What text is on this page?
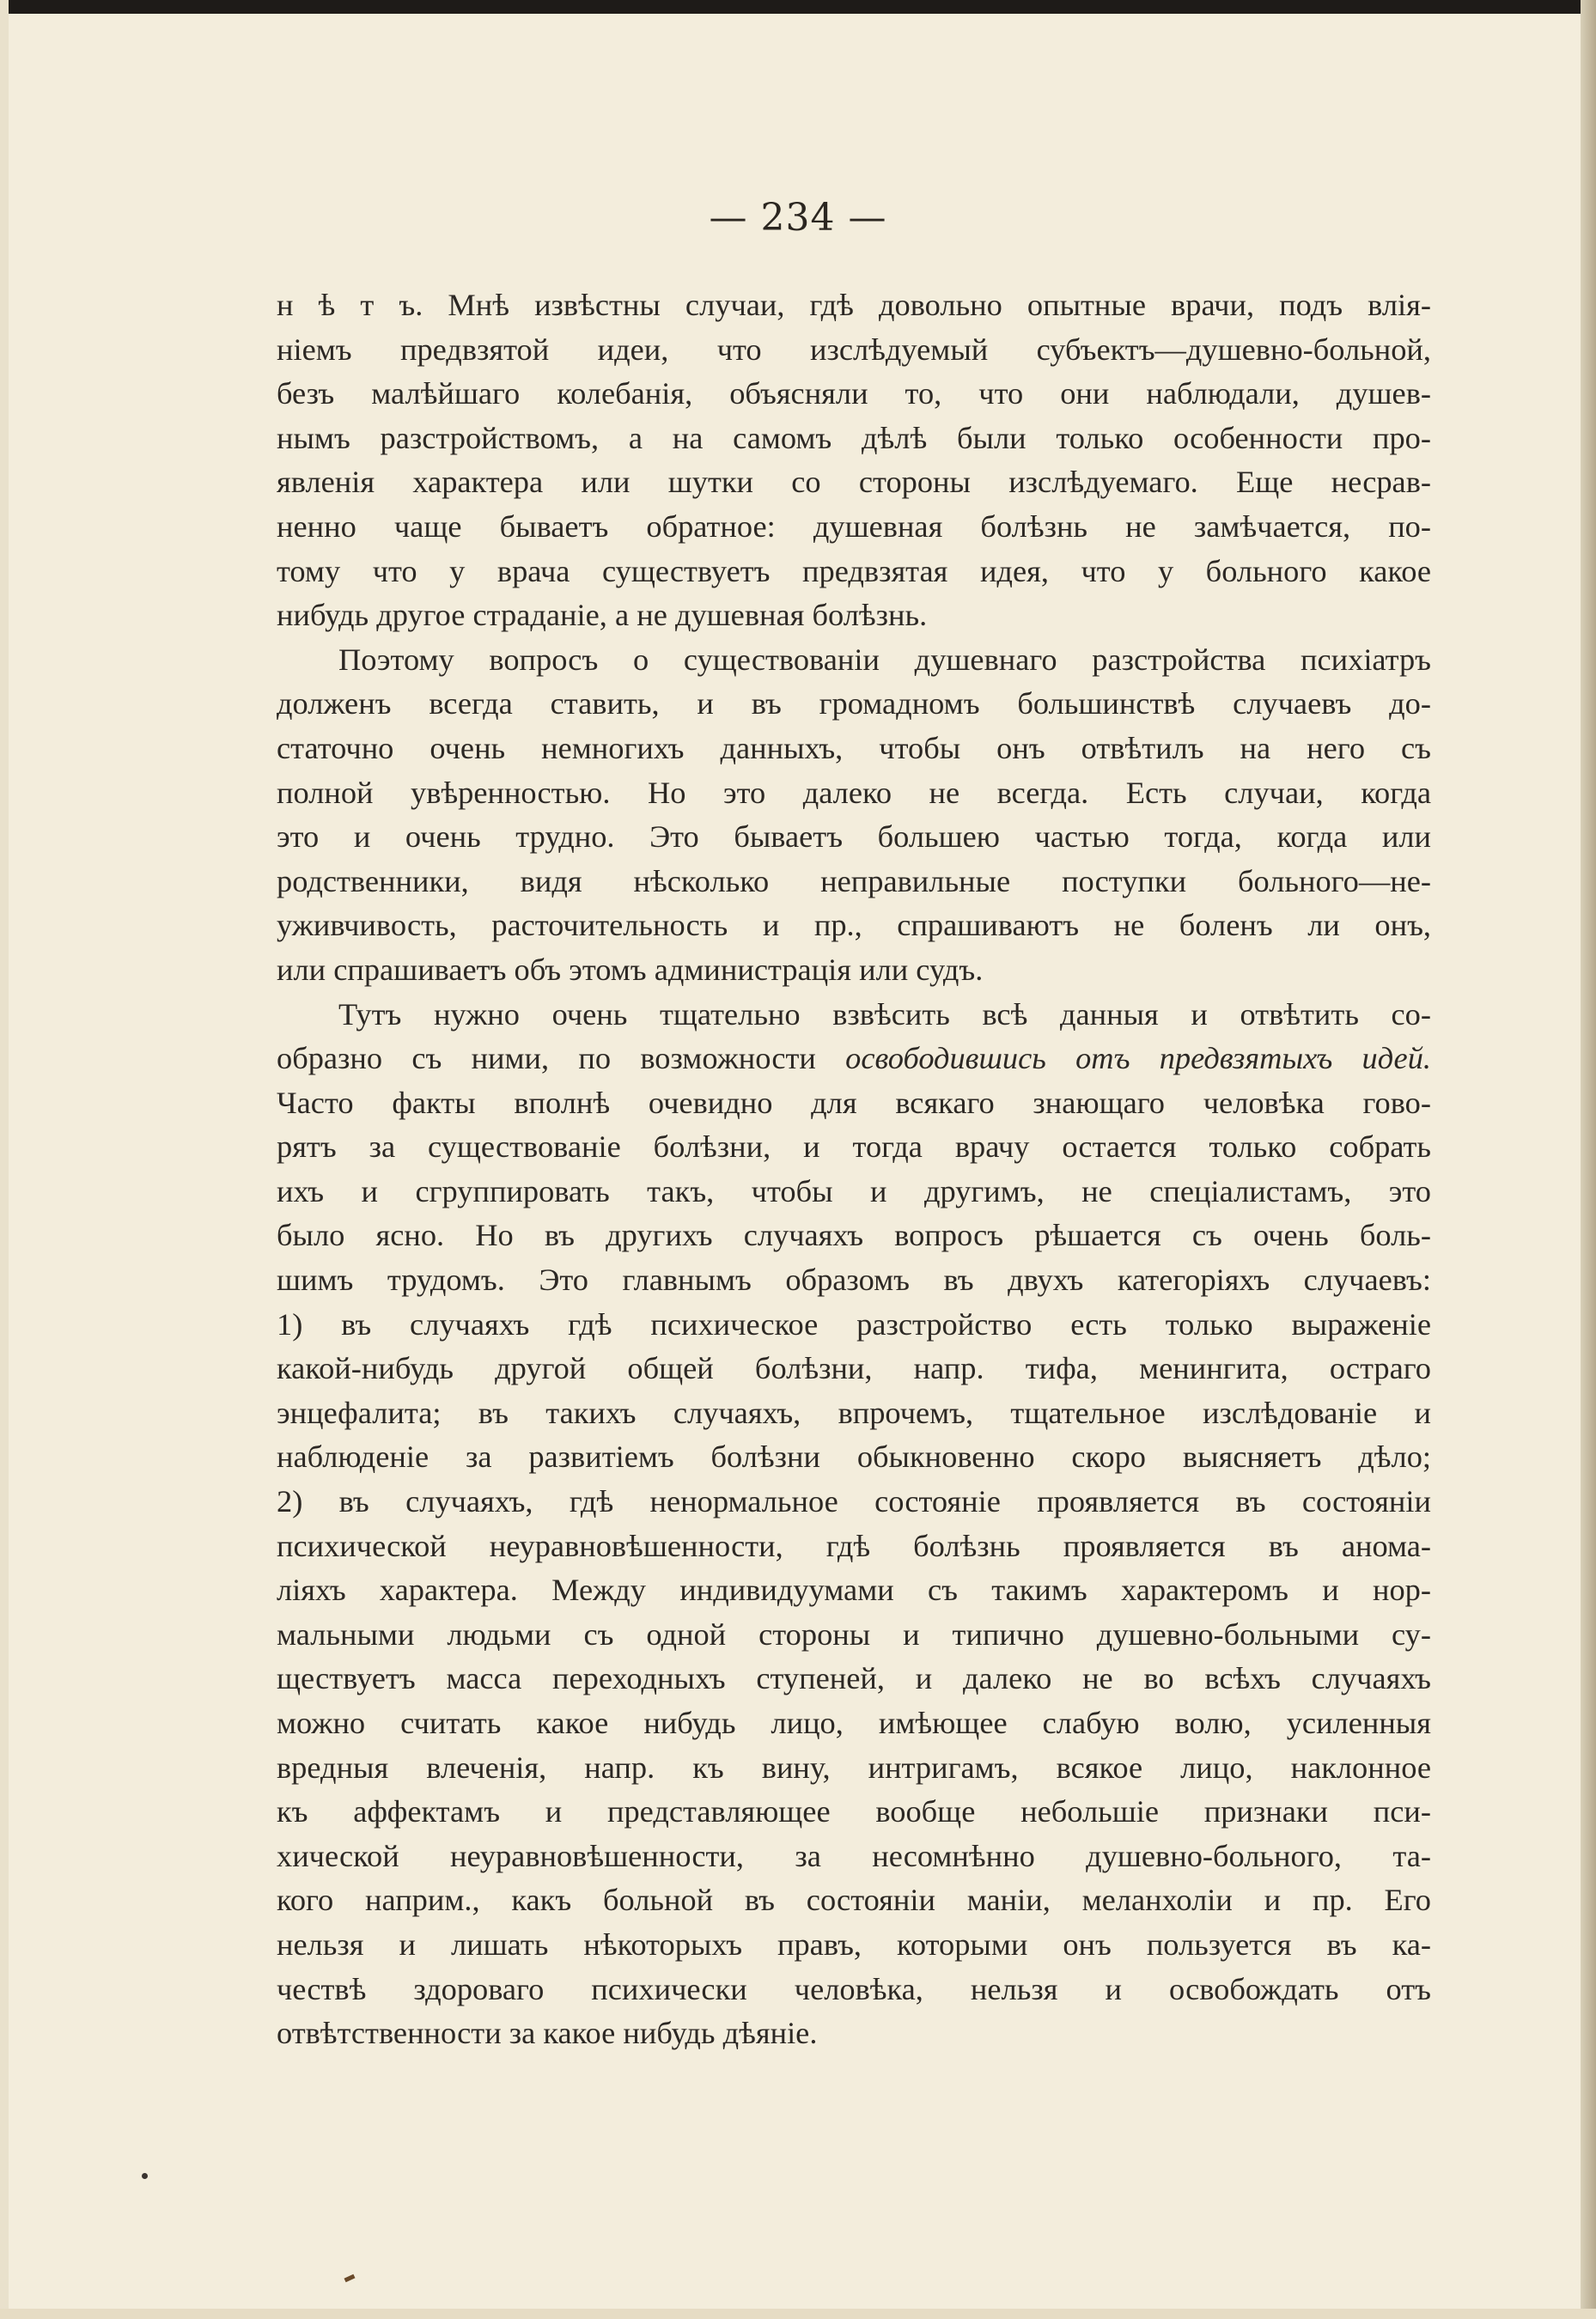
— 234 —
н ѣ т ъ. Мнѣ извѣстны случаи, гдѣ довольно опытные врачи, подъ влія-
ніемъ предвзятой идеи, что изслѣдуемый субъектъ—душевно-больной,
безъ малѣйшаго колебанія, объясняли то, что они наблюдали, душев-
нымъ разстройствомъ, а на самомъ дѣлѣ были только особенности про-
явленія характера или шутки со стороны изслѣдуемаго. Еще несрав-
ненно чаще бываетъ обратное: душевная болѣзнь не замѣчается, по-
тому что у врача существуетъ предвзятая идея, что у больного какое
нибудь другое страданіе, а не душевная болѣзнь.
Поэтому вопросъ о существованіи душевнаго разстройства психіатръ
долженъ всегда ставить, и въ громадномъ большинствѣ случаевъ до-
статочно очень немногихъ данныхъ, чтобы онъ отвѣтилъ на него съ
полной увѣренностью. Но это далеко не всегда. Есть случаи, когда
это и очень трудно. Это бываетъ большею частью тогда, когда или
родственники, видя нѣсколько неправильные поступки больного—не-
уживчивость, расточительность и пр., спрашиваютъ не боленъ ли онъ,
или спрашиваетъ объ этомъ администрація или судъ.
Тутъ нужно очень тщательно взвѣсить всѣ данныя и отвѣтить со-
образно съ ними, по возможности освободившись отъ предвзятыхъ идей.
Часто факты вполнѣ очевидно для всякаго знающаго человѣка гово-
рятъ за существованіе болѣзни, и тогда врачу остается только собрать
ихъ и сгруппировать такъ, чтобы и другимъ, не спеціалистамъ, это
было ясно. Но въ другихъ случаяхъ вопросъ рѣшается съ очень боль-
шимъ трудомъ. Это главнымъ образомъ въ двухъ категоріяхъ случаевъ:
1) въ случаяхъ гдѣ психическое разстройство есть только выраженіе
какой-нибудь другой общей болѣзни, напр. тифа, менингита, остраго
энцефалита; въ такихъ случаяхъ, впрочемъ, тщательное изслѣдованіе и
наблюденіе за развитіемъ болѣзни обыкновенно скоро выясняетъ дѣло;
2) въ случаяхъ, гдѣ ненормальное состояніе проявляется въ состояніи
психической неуравновѣшенности, гдѣ болѣзнь проявляется въ анома-
ліяхъ характера. Между индивидуумами съ такимъ характеромъ и нор-
мальными людьми съ одной стороны и типично душевно-больными су-
ществуетъ масса переходныхъ ступеней, и далеко не во всѣхъ случаяхъ
можно считать какое нибудь лицо, имѣющее слабую волю, усиленныя
вредныя влеченія, напр. къ вину, интригамъ, всякое лицо, наклонное
къ аффектамъ и представляющее вообще небольшіе признаки пси-
хической неуравновѣшенности, за несомнѣнно душевно-больного, та-
кого наприм., какъ больной въ состояніи маніи, меланхоліи и пр. Его
нельзя и лишать нѣкоторыхъ правъ, которыми онъ пользуется въ ка-
чествѣ здороваго психически человѣка, нельзя и освобождать отъ
отвѣтственности за какое нибудь дѣяніе.
